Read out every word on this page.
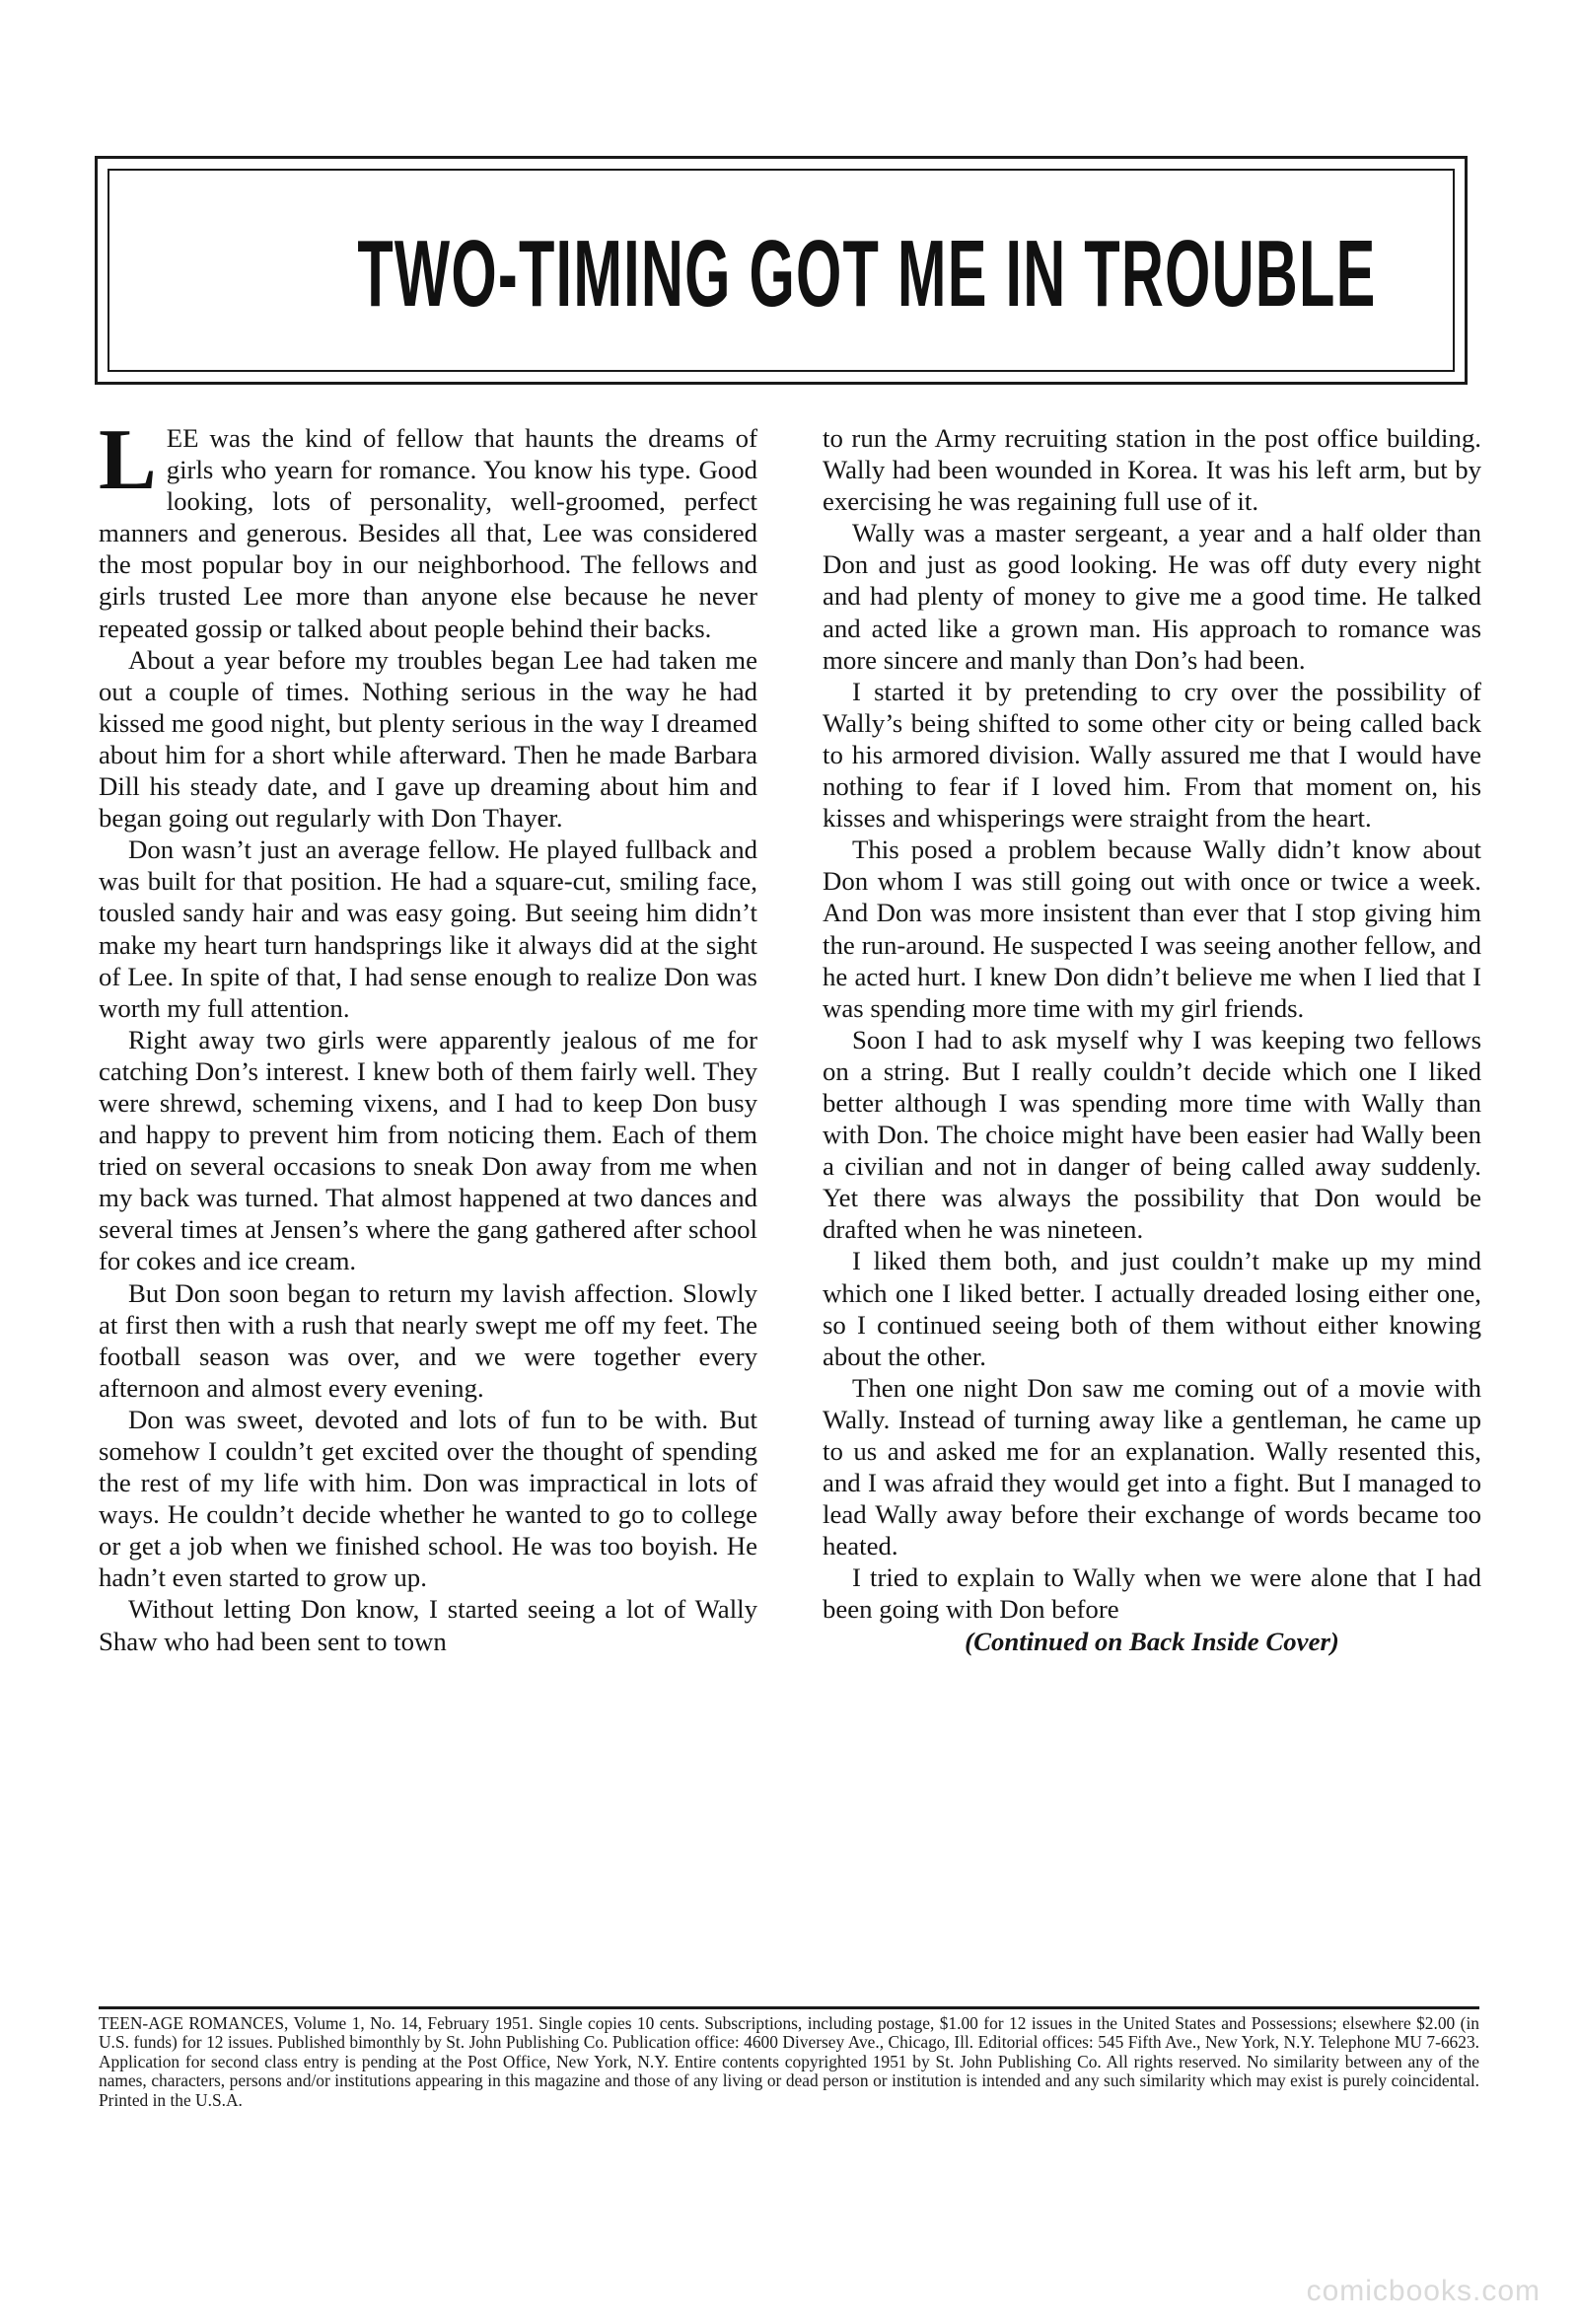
TWO-TIMING GOT ME IN TROUBLE

LEE was the kind of fellow that haunts the dreams of girls who yearn for romance. You know his type. Good looking, lots of personality, well-groomed, perfect manners and generous. Besides all that, Lee was considered the most popular boy in our neighborhood. The fellows and girls trusted Lee more than anyone else because he never repeated gossip or talked about people behind their backs.

About a year before my troubles began Lee had taken me out a couple of times. Nothing serious in the way he had kissed me good night, but plenty serious in the way I dreamed about him for a short while afterward. Then he made Barbara Dill his steady date, and I gave up dreaming about him and began going out regularly with Don Thayer.

Don wasn’t just an average fellow. He played fullback and was built for that position. He had a square-cut, smiling face, tousled sandy hair and was easy going. But seeing him didn’t make my heart turn handsprings like it always did at the sight of Lee. In spite of that, I had sense enough to realize Don was worth my full attention.

Right away two girls were apparently jealous of me for catching Don’s interest. I knew both of them fairly well. They were shrewd, scheming vixens, and I had to keep Don busy and happy to prevent him from noticing them. Each of them tried on several occasions to sneak Don away from me when my back was turned. That almost happened at two dances and several times at Jensen’s where the gang gathered after school for cokes and ice cream.

But Don soon began to return my lavish affection. Slowly at first then with a rush that nearly swept me off my feet. The football season was over, and we were together every afternoon and almost every evening.

Don was sweet, devoted and lots of fun to be with. But somehow I couldn’t get excited over the thought of spending the rest of my life with him. Don was impractical in lots of ways. He couldn’t decide whether he wanted to go to college or get a job when we finished school. He was too boyish. He hadn’t even started to grow up.

Without letting Don know, I started seeing a lot of Wally Shaw who had been sent to town

to run the Army recruiting station in the post office building. Wally had been wounded in Korea. It was his left arm, but by exercising he was regaining full use of it.

Wally was a master sergeant, a year and a half older than Don and just as good looking. He was off duty every night and had plenty of money to give me a good time. He talked and acted like a grown man. His approach to romance was more sincere and manly than Don’s had been.

I started it by pretending to cry over the possibility of Wally’s being shifted to some other city or being called back to his armored division. Wally assured me that I would have nothing to fear if I loved him. From that moment on, his kisses and whisperings were straight from the heart.

This posed a problem because Wally didn’t know about Don whom I was still going out with once or twice a week. And Don was more insistent than ever that I stop giving him the run-around. He suspected I was seeing another fellow, and he acted hurt. I knew Don didn’t believe me when I lied that I was spending more time with my girl friends.

Soon I had to ask myself why I was keeping two fellows on a string. But I really couldn’t decide which one I liked better although I was spending more time with Wally than with Don. The choice might have been easier had Wally been a civilian and not in danger of being called away suddenly. Yet there was always the possibility that Don would be drafted when he was nineteen.

I liked them both, and just couldn’t make up my mind which one I liked better. I actually dreaded losing either one, so I continued seeing both of them without either knowing about the other.

Then one night Don saw me coming out of a movie with Wally. Instead of turning away like a gentleman, he came up to us and asked me for an explanation. Wally resented this, and I was afraid they would get into a fight. But I managed to lead Wally away before their exchange of words became too heated.

I tried to explain to Wally when we were alone that I had been going with Don before

(Continued on Back Inside Cover)

TEEN-AGE ROMANCES, Volume 1, No. 14, February 1951. Single copies 10 cents. Subscriptions, including postage, $1.00 for 12 issues in the United States and Possessions; elsewhere $2.00 (in U.S. funds) for 12 issues. Published bimonthly by St. John Publishing Co. Publication office: 4600 Diversey Ave., Chicago, Ill. Editorial offices: 545 Fifth Ave., New York, N.Y. Telephone MU 7-6623. Application for second class entry is pending at the Post Office, New York, N.Y. Entire contents copyrighted 1951 by St. John Publishing Co. All rights reserved. No similarity between any of the names, characters, persons and/or institutions appearing in this magazine and those of any living or dead person or institution is intended and any such similarity which may exist is purely coincidental. Printed in the U.S.A.
comicbooks.com
